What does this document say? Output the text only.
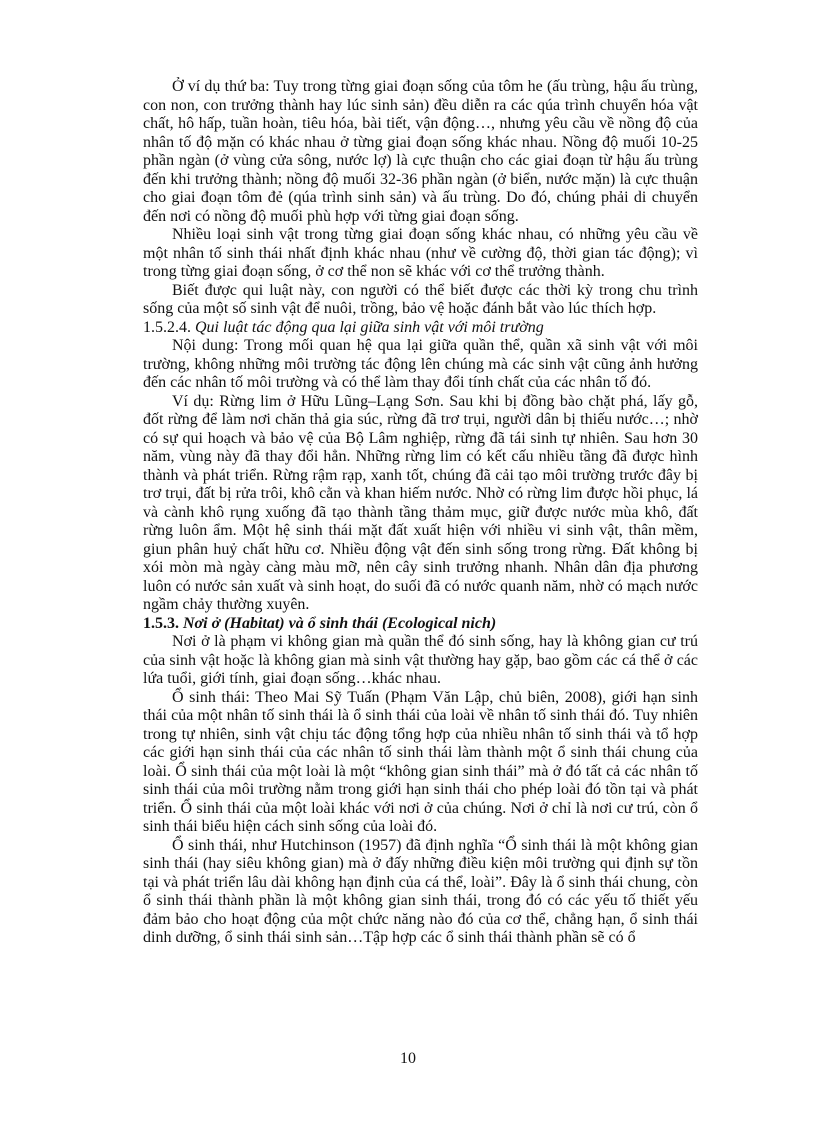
Ở ví dụ thứ ba: Tuy trong từng giai đoạn sống của tôm he (ấu trùng, hậu ấu trùng, con non, con trưởng thành hay lúc sinh sản) đều diễn ra các qúa trình chuyển hóa vật chất, hô hấp, tuần hoàn, tiêu hóa, bài tiết, vận động…, nhưng yêu cầu về nồng độ của nhân tố độ mặn có khác nhau ở từng giai đoạn sống khác nhau. Nồng độ muối 10-25 phần ngàn (ở vùng cửa sông, nước lợ) là cực thuận cho các giai đoạn từ hậu ấu trùng đến khi trưởng thành; nồng độ muối 32-36 phần ngàn (ở biển, nước mặn) là cực thuận cho giai đoạn tôm đẻ (qúa trình sinh sản) và ấu trùng. Do đó, chúng phải di chuyển đến nơi có nồng độ muối phù hợp với từng giai đoạn sống.

Nhiều loại sinh vật trong từng giai đoạn sống khác nhau, có những yêu cầu về một nhân tố sinh thái nhất định khác nhau (như về cường độ, thời gian tác động); vì trong từng giai đoạn sống, ở cơ thể non sẽ khác với cơ thể trưởng thành.

Biết được qui luật này, con người có thể biết được các thời kỳ trong chu trình sống của một số sinh vật để nuôi, trồng, bảo vệ hoặc đánh bắt vào lúc thích hợp.

1.5.2.4. Qui luật tác động qua lại giữa sinh vật với môi trường

Nội dung: Trong mối quan hệ qua lại giữa quần thể, quần xã sinh vật với môi trường, không những môi trường tác động lên chúng mà các sinh vật cũng ảnh hưởng đến các nhân tố môi trường và có thể làm thay đổi tính chất của các nhân tố đó.

Ví dụ: Rừng lim ở Hữu Lũng–Lạng Sơn. Sau khi bị đồng bào chặt phá, lấy gỗ, đốt rừng để làm nơi chăn thả gia súc, rừng đã trơ trụi, người dân bị thiếu nước…; nhờ có sự qui hoạch và bảo vệ của Bộ Lâm nghiệp, rừng đã tái sinh tự nhiên. Sau hơn 30 năm, vùng này đã thay đổi hẳn. Những rừng lim có kết cấu nhiều tầng đã được hình thành và phát triển. Rừng rậm rạp, xanh tốt, chúng đã cải tạo môi trường trước đây bị trơ trụi, đất bị rửa trôi, khô cằn và khan hiếm nước. Nhờ có rừng lim được hồi phục, lá và cành khô rụng xuống đã tạo thành tầng thảm mục, giữ được nước mùa khô, đất rừng luôn ẩm. Một hệ sinh thái mặt đất xuất hiện với nhiều vi sinh vật, thân mềm, giun phân huỷ chất hữu cơ. Nhiều động vật đến sinh sống trong rừng. Đất không bị xói mòn mà ngày càng màu mỡ, nên cây sinh trưởng nhanh. Nhân dân địa phương luôn có nước sản xuất và sinh hoạt, do suối đã có nước quanh năm, nhờ có mạch nước ngầm chảy thường xuyên.

1.5.3. Nơi ở (Habitat) và ổ sinh thái (Ecological nich)

Nơi ở là phạm vi không gian mà quần thể đó sinh sống, hay là không gian cư trú của sinh vật hoặc là không gian mà sinh vật thường hay gặp, bao gồm các cá thể ở các lứa tuổi, giới tính, giai đoạn sống…khác nhau.

Ổ sinh thái: Theo Mai Sỹ Tuấn (Phạm Văn Lập, chủ biên, 2008), giới hạn sinh thái của một nhân tố sinh thái là ổ sinh thái của loài về nhân tố sinh thái đó. Tuy nhiên trong tự nhiên, sinh vật chịu tác động tổng hợp của nhiều nhân tố sinh thái và tổ hợp các giới hạn sinh thái của các nhân tố sinh thái làm thành một ổ sinh thái chung của loài. Ổ sinh thái của một loài là một “không gian sinh thái” mà ở đó tất cả các nhân tố sinh thái của môi trường nằm trong giới hạn sinh thái cho phép loài đó tồn tại và phát triển. Ổ sinh thái của một loài khác với nơi ở của chúng. Nơi ở chỉ là nơi cư trú, còn ổ sinh thái biểu hiện cách sinh sống của loài đó.

Ổ sinh thái, như Hutchinson (1957) đã định nghĩa “Ổ sinh thái là một không gian sinh thái (hay siêu không gian) mà ở đấy những điều kiện môi trường qui định sự tồn tại và phát triển lâu dài không hạn định của cá thể, loài”. Đây là ổ sinh thái chung, còn ổ sinh thái thành phần là một không gian sinh thái, trong đó có các yếu tố thiết yếu đảm bảo cho hoạt động của một chức năng nào đó của cơ thể, chẳng hạn, ổ sinh thái dinh dưỡng, ổ sinh thái sinh sản…Tập hợp các ổ sinh thái thành phần sẽ có ổ

10
